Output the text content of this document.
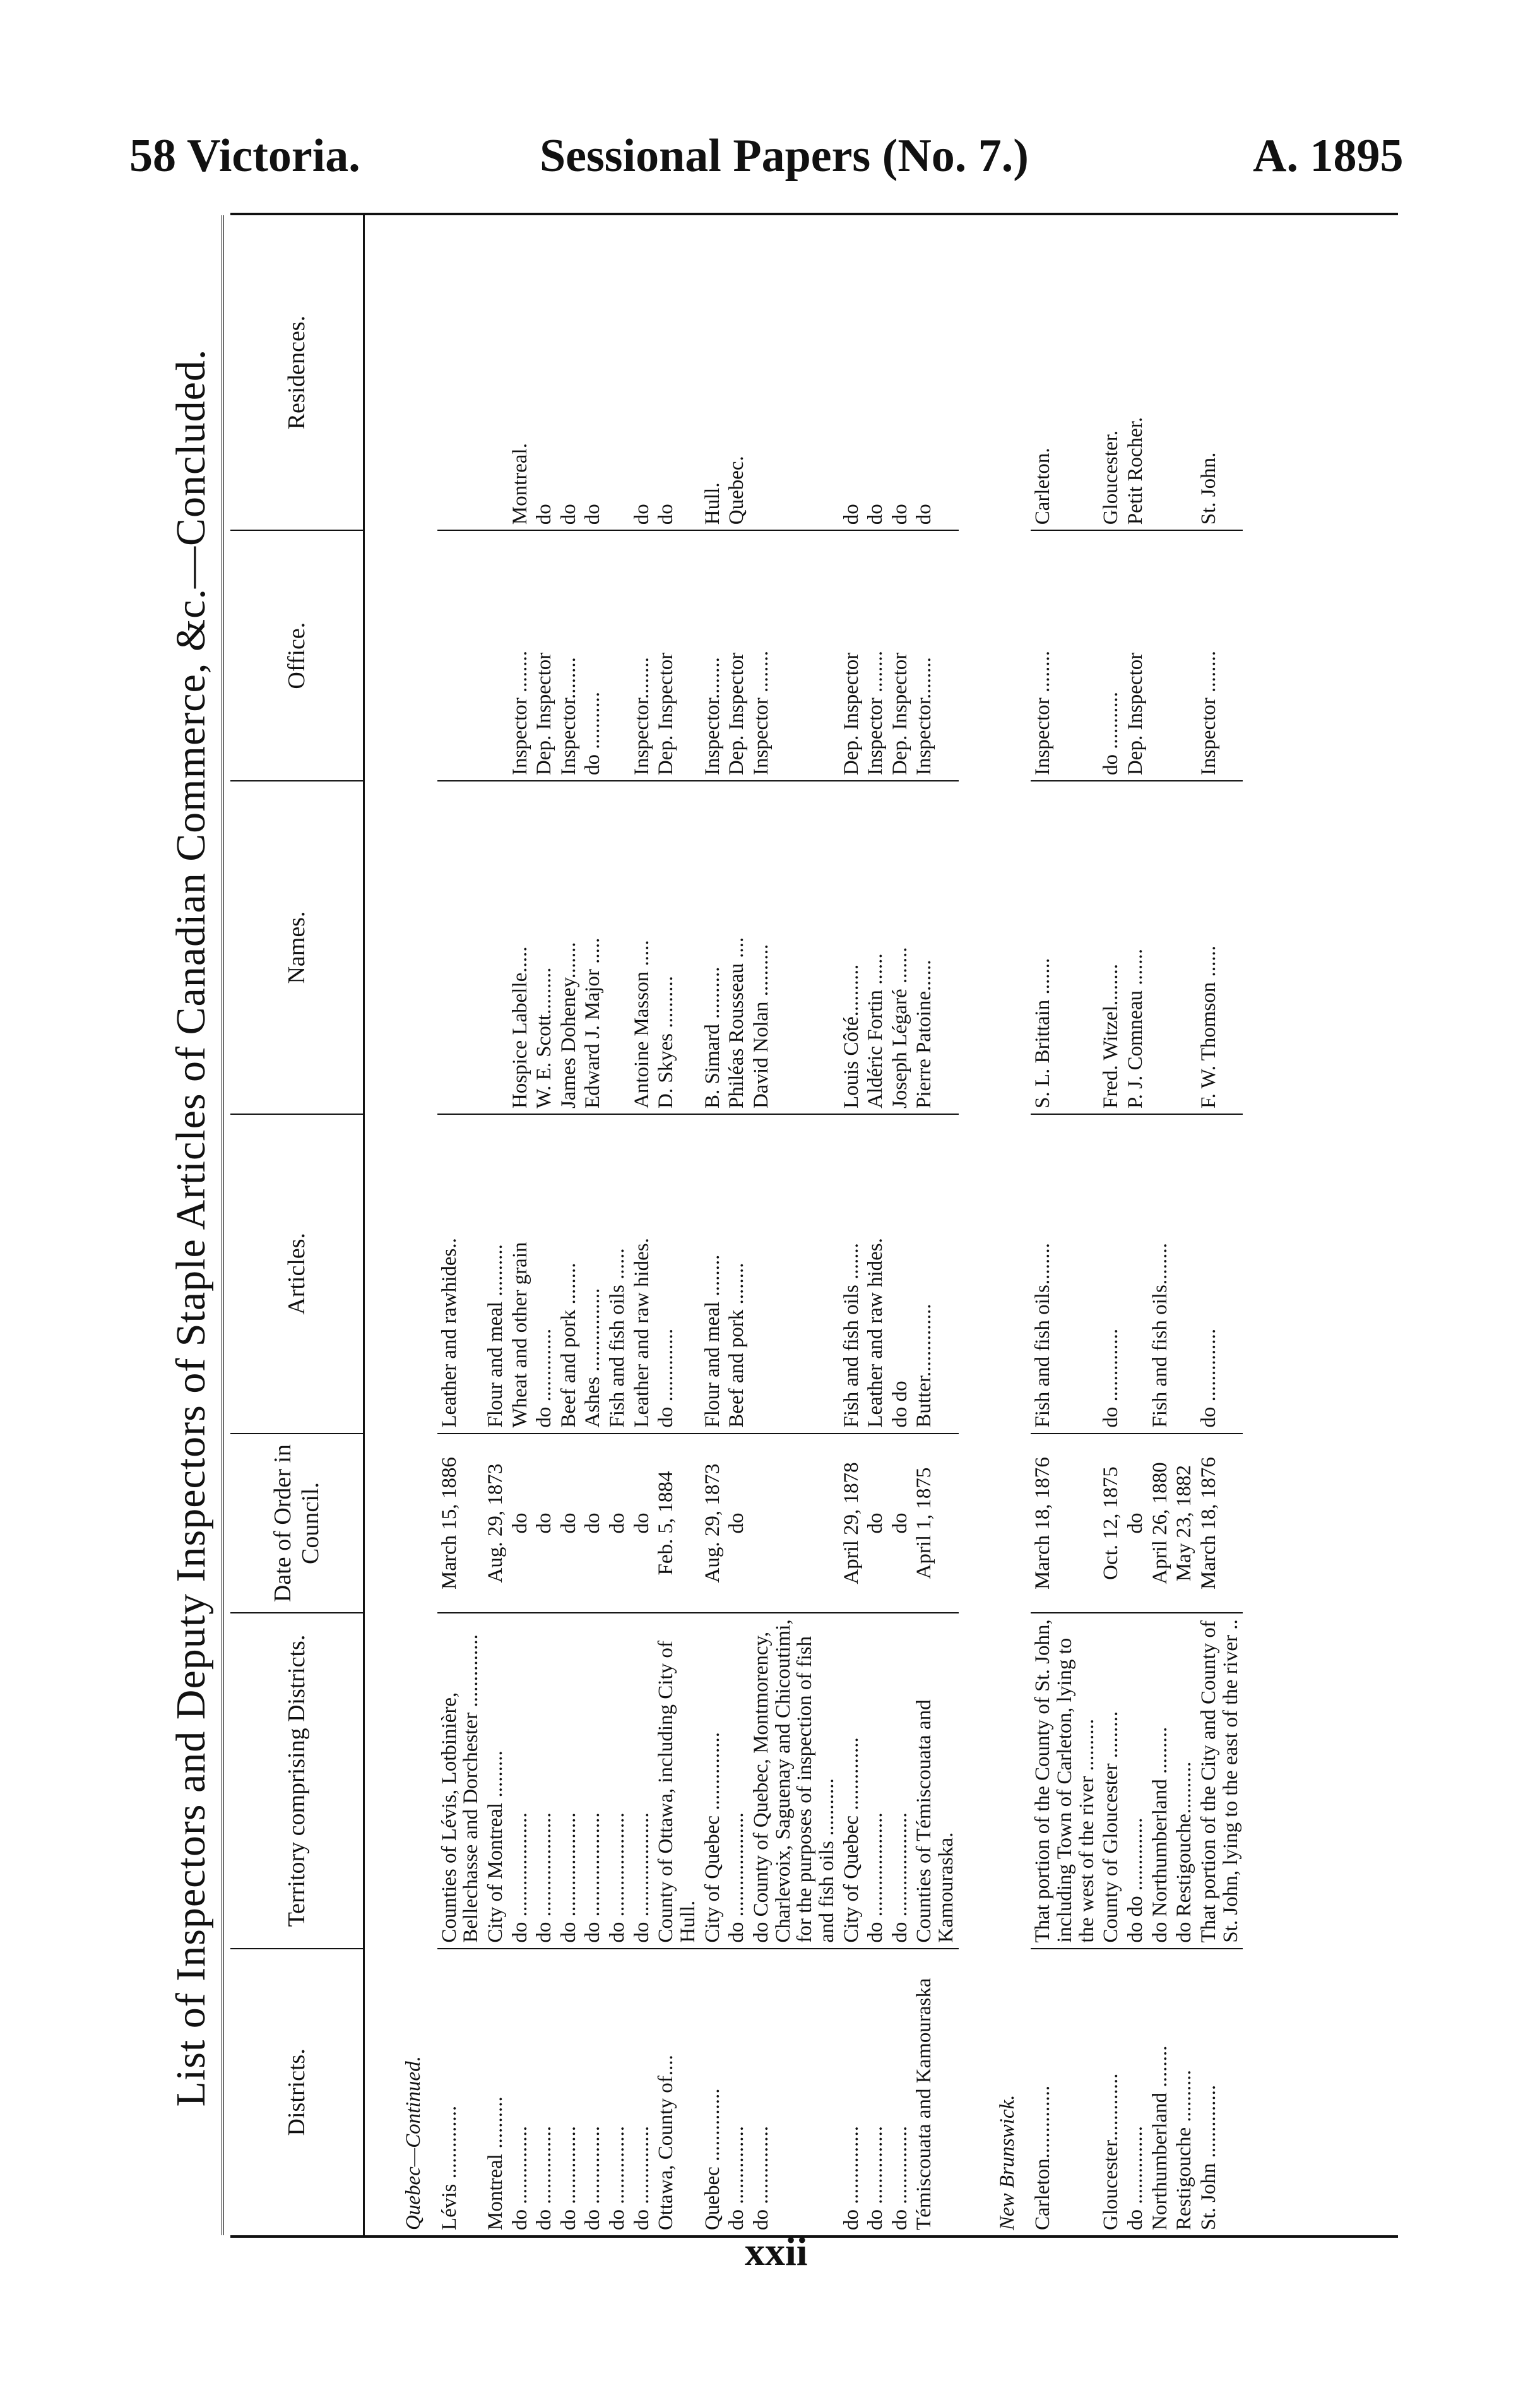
58 Victoria.	Sessional Papers (No. 7.)	A. 1895
List of Inspectors and Deputy Inspectors of Staple Articles of Canadian Commerce, &c.—Concluded.	Districts.	Territory comprising Districts.	Date of Order in Council.	Articles.	Names.	Office.	Residences.
Quebec—Continued.						
Lévis ..............	Counties of Lévis, Lotbinière, Bellechasse and Dorchester ..............	March 15, 1886	Leather and rawhides..			
Montreal ..........	City of Montreal .........	Aug. 29, 1873	Flour and meal ..........			
do ...............	do ....................	do	Wheat and other grain	Hospice Labelle.....	Inspector ........	Montreal.
do ...............	do ....................	do	do ..............	W. E. Scott.........	Dep. Inspector	do
do ...............	do ....................	do	Beef and pork ........	James Doheney.......	Inspector........	do
do ...............	do ....................	do	Ashes ................	Edward J. Major .....	do ...........	do
do ...............	do ....................	do	Fish and fish oils ......			
do ...............	do ....................	do	Leather and raw hides.	Antoine Masson .....	Inspector........	do
Ottawa, County of....	County of Ottawa, including City of Hull.	Feb. 5, 1884	do ..............	D. Skyes ..........	Dep. Inspector	do
Quebec ..............	City of Quebec ...............	Aug. 29, 1873	Flour and meal ........	B. Simard ..........	Inspector........	Hull.
do ...............	do ....................	do	Beef and pork ........	Philéas Rousseau ....	Dep. Inspector	Quebec.
do ...............	do County of Quebec, Montmorency, Charlevoix, Saguenay and Chicoutimi, for the purposes of inspection of fish and fish oils ...........			David Nolan ..........	Inspector ........	
do ...............	City of Quebec ..............	April 29, 1878	Fish and fish oils .......	Louis Côté..........	Dep. Inspector	do
do ...............	do ....................	do	Leather and raw hides.	Aldéric Fortin ......	Inspector ........	do
do ...............	do ....................	do	do do	Joseph Légaré .......	Dep. Inspector	do
Témiscouata and Kamouraska	Counties of Témiscouata and Kamouraska.	April 1, 1875	Butter..............	Pierre Patoine......	Inspector........	do
New Brunswick.						
Carleton..............	That portion of the County of St. John, including Town of Carleton, lying to the west of the river ..........	March 18, 1876	Fish and fish oils........	S. L. Brittain .......	Inspector ........	Carleton.
Gloucester.............	County of Gloucester .........	Oct. 12, 1875	do ..............	Fred. Witzel........	do ...........	Gloucester.
do ...............	do do ..............	do		P. J. Comneau .......	Dep. Inspector	Petit Rocher.
Northumberland ........	do Northumberland .........	April 26, 1880	Fish and fish oils........			
Restigouche ..........	do Restigouche..........	May 23, 1882				
St. John ..............	That portion of the City and County of St. John, lying to the east of the river ..	March 18, 1876	do ..............	F. W. Thomson ......	Inspector ........	St. John.
xxii
